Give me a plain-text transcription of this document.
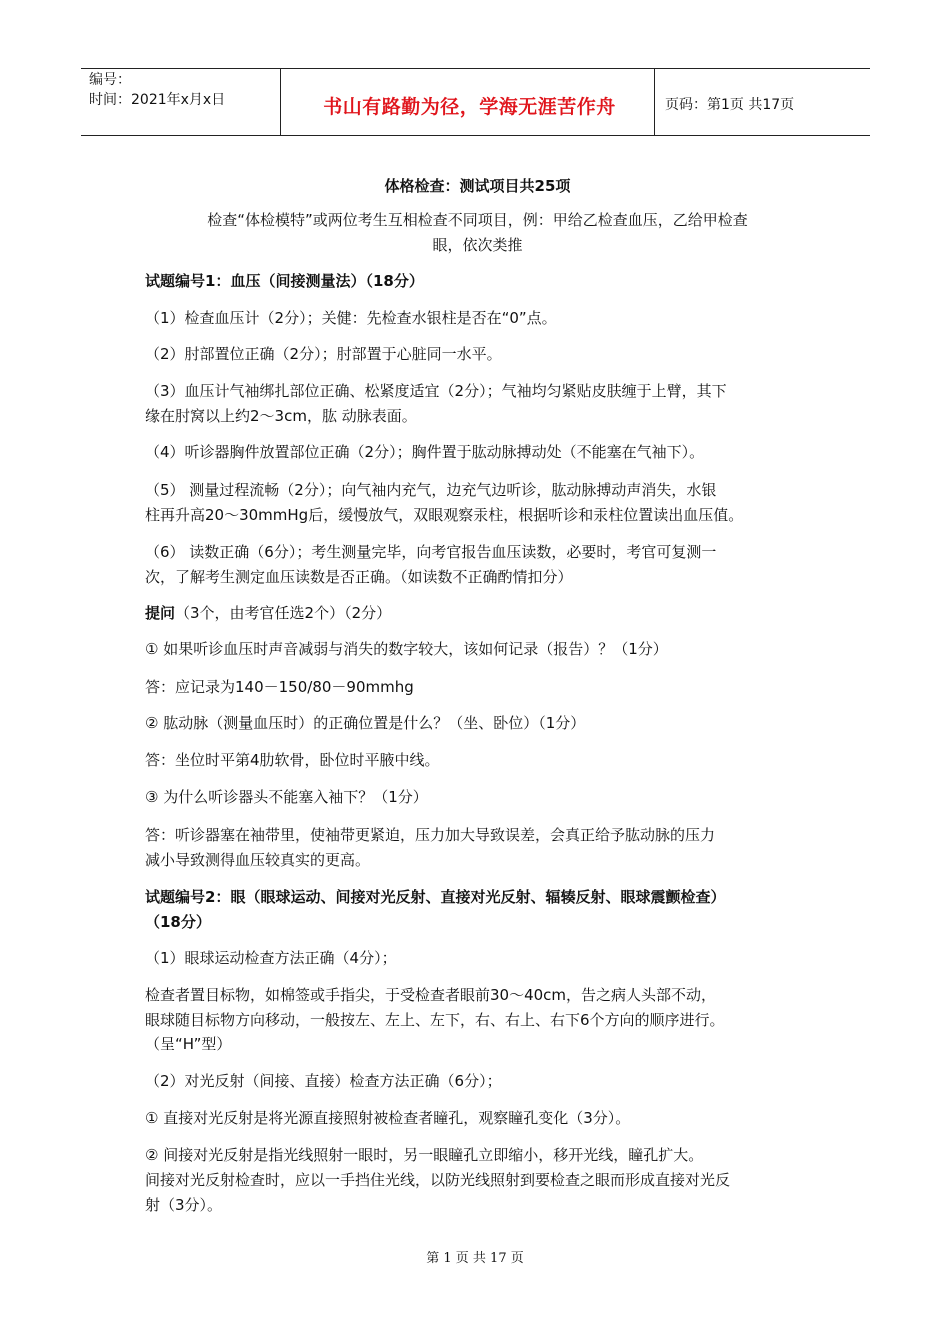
编号：
时间：2021年x月x日	书山有路勤为径，学海无涯苦作舟	页码：第1页 共17页
体格检查：测试项目共25项
检查“体检模特”或两位考生互相检查不同项目，例：甲给乙检查血压，乙给甲检查
眼，依次类推
试题编号1：血压（间接测量法）（18分）
（1）检查血压计（2分）；关健：先检查水银柱是否在“0”点。
（2）肘部置位正确（2分）；肘部置于心脏同一水平。
（3）血压计气袖绑扎部位正确、松紧度适宜（2分）；气袖均匀紧贴皮肤缠于上臂，其下
缘在肘窝以上约2～3cm，肱 动脉表面。
（4）听诊器胸件放置部位正确（2分）；胸件置于肱动脉搏动处（不能塞在气袖下）。
（5） 测量过程流畅（2分）；向气袖内充气，边充气边听诊，肱动脉搏动声消失，水银
柱再升高20～30mmHg后，缓慢放气，双眼观察汞柱，根据听诊和汞柱位置读出血压值。
（6） 读数正确（6分）；考生测量完毕，向考官报告血压读数，必要时，考官可复测一
次，了解考生测定血压读数是否正确。（如读数不正确酌情扣分）
提问（3个，由考官任选2个）（2分）
① 如果听诊血压时声音减弱与消失的数字较大，该如何记录（报告）？（1分）
答：应记录为140－150/80－90mmhg
② 肱动脉（测量血压时）的正确位置是什么？（坐、卧位）（1分）
答：坐位时平第4肋软骨，卧位时平腋中线。
③ 为什么听诊器头不能塞入袖下？（1分）
答：听诊器塞在袖带里，使袖带更紧迫，压力加大导致误差，会真正给予肱动脉的压力
减小导致测得血压较真实的更高。
试题编号2：眼（眼球运动、间接对光反射、直接对光反射、辐辏反射、眼球震颤检查）
（18分）
（1）眼球运动检查方法正确（4分）；
检查者置目标物，如棉签或手指尖，于受检查者眼前30～40cm，告之病人头部不动，
眼球随目标物方向移动，一般按左、左上、左下，右、右上、右下6个方向的顺序进行。
（呈“H”型）
（2）对光反射（间接、直接）检查方法正确（6分）；
① 直接对光反射是将光源直接照射被检查者瞳孔，观察瞳孔变化（3分）。
② 间接对光反射是指光线照射一眼时，另一眼瞳孔立即缩小，移开光线，瞳孔扩大。
间接对光反射检查时，应以一手挡住光线，以防光线照射到要检查之眼而形成直接对光反
射（3分）。
第 1 页 共 17 页
